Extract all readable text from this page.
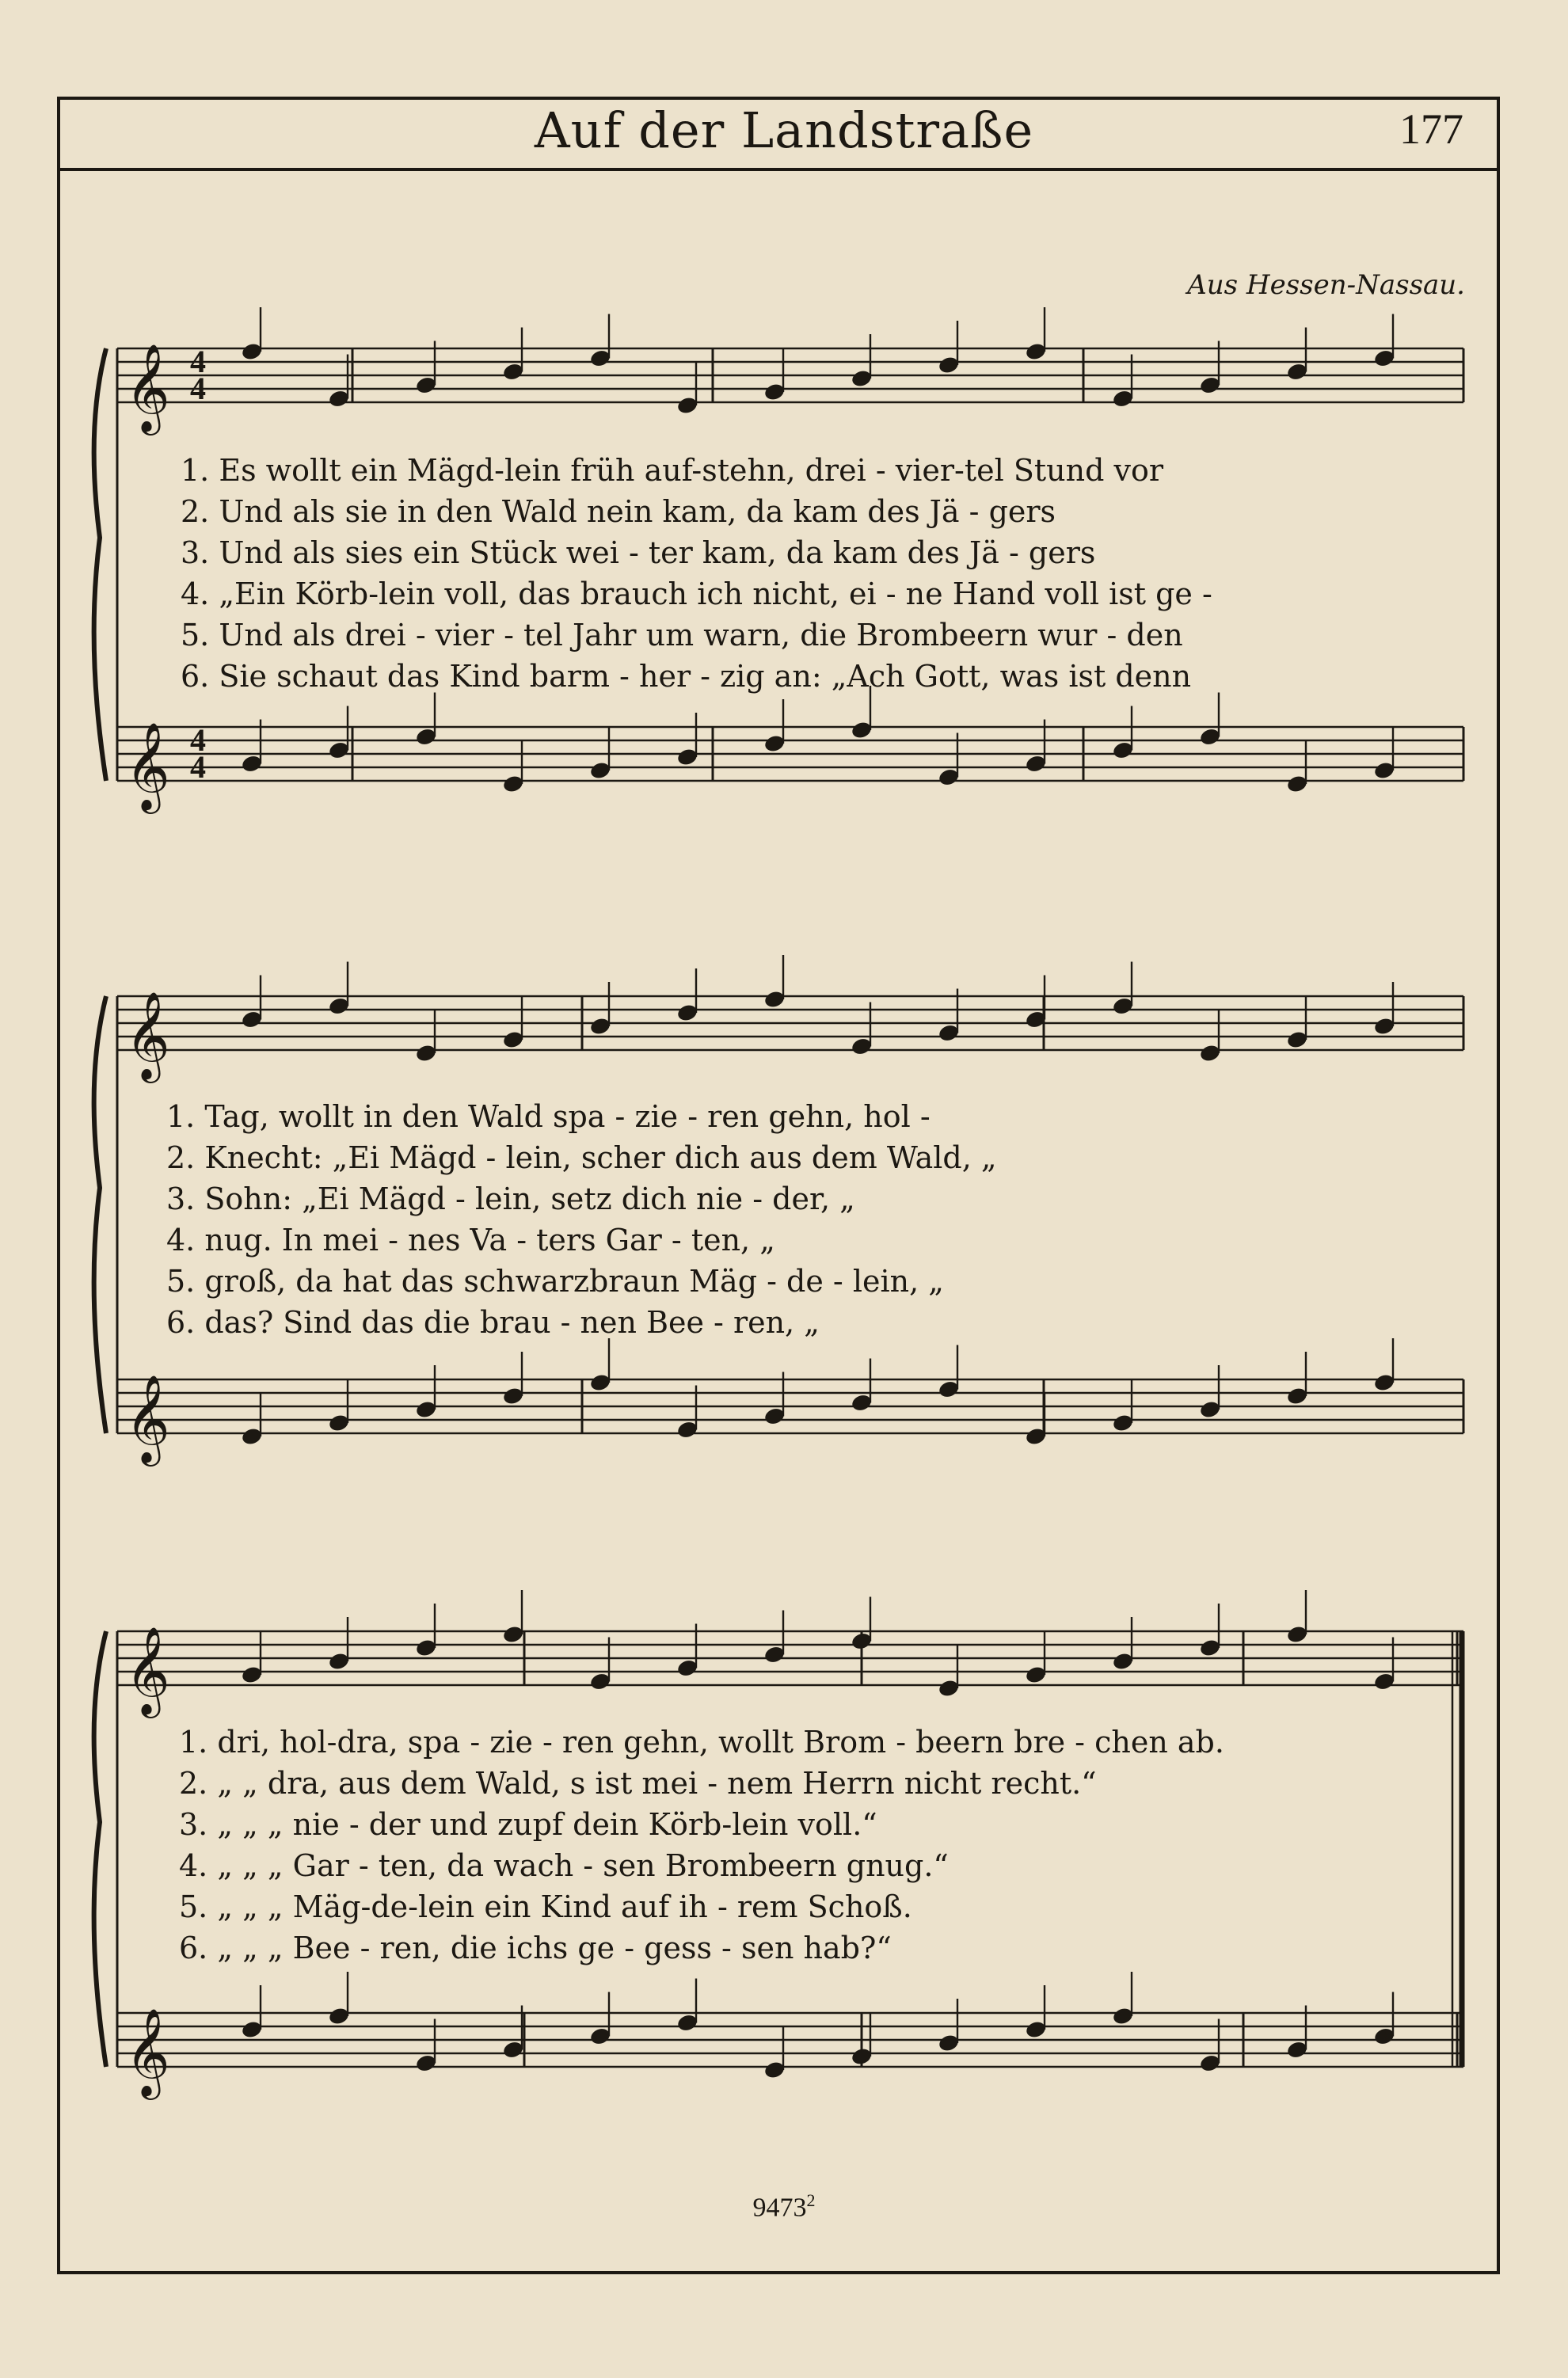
Auf der Landstraße	177
Aus Hessen-Nassau.
𝄞 4
4
𝄞 4
4
𝄞
𝄞
𝄞
𝄞
1. Es wollt ein Mägd-lein früh auf-stehn, drei - vier-tel Stund vor
2. Und als sie in den Wald nein kam, da kam des Jä - gers
3. Und als sies ein Stück wei - ter kam, da kam des Jä - gers
4. „Ein Körb-lein voll, das brauch ich nicht, ei - ne Hand voll ist ge -
5. Und als drei - vier - tel Jahr um warn, die Brombeern wur - den
6. Sie schaut das Kind barm - her - zig an: „Ach Gott, was ist denn
1. Tag, wollt in den Wald spa - zie - ren gehn, hol -
2. Knecht: „Ei Mägd - lein, scher dich aus dem Wald, „
3. Sohn: „Ei Mägd - lein, setz dich nie - der, „
4. nug. In mei - nes Va - ters Gar - ten, „
5. groß, da hat das schwarzbraun Mäg - de - lein, „
6. das? Sind das die brau - nen Bee - ren, „
1. dri, hol-dra, spa - zie - ren gehn, wollt Brom - beern bre - chen ab.
2. „ „ dra, aus dem Wald, s ist mei - nem Herrn nicht recht.“
3. „ „ „ nie - der und zupf dein Körb-lein voll.“
4. „ „ „ Gar - ten, da wach - sen Brombeern gnug.“
5. „ „ „ Mäg-de-lein ein Kind auf ih - rem Schoß.
6. „ „ „ Bee - ren, die ichs ge - gess - sen hab?“
9473$^2$
